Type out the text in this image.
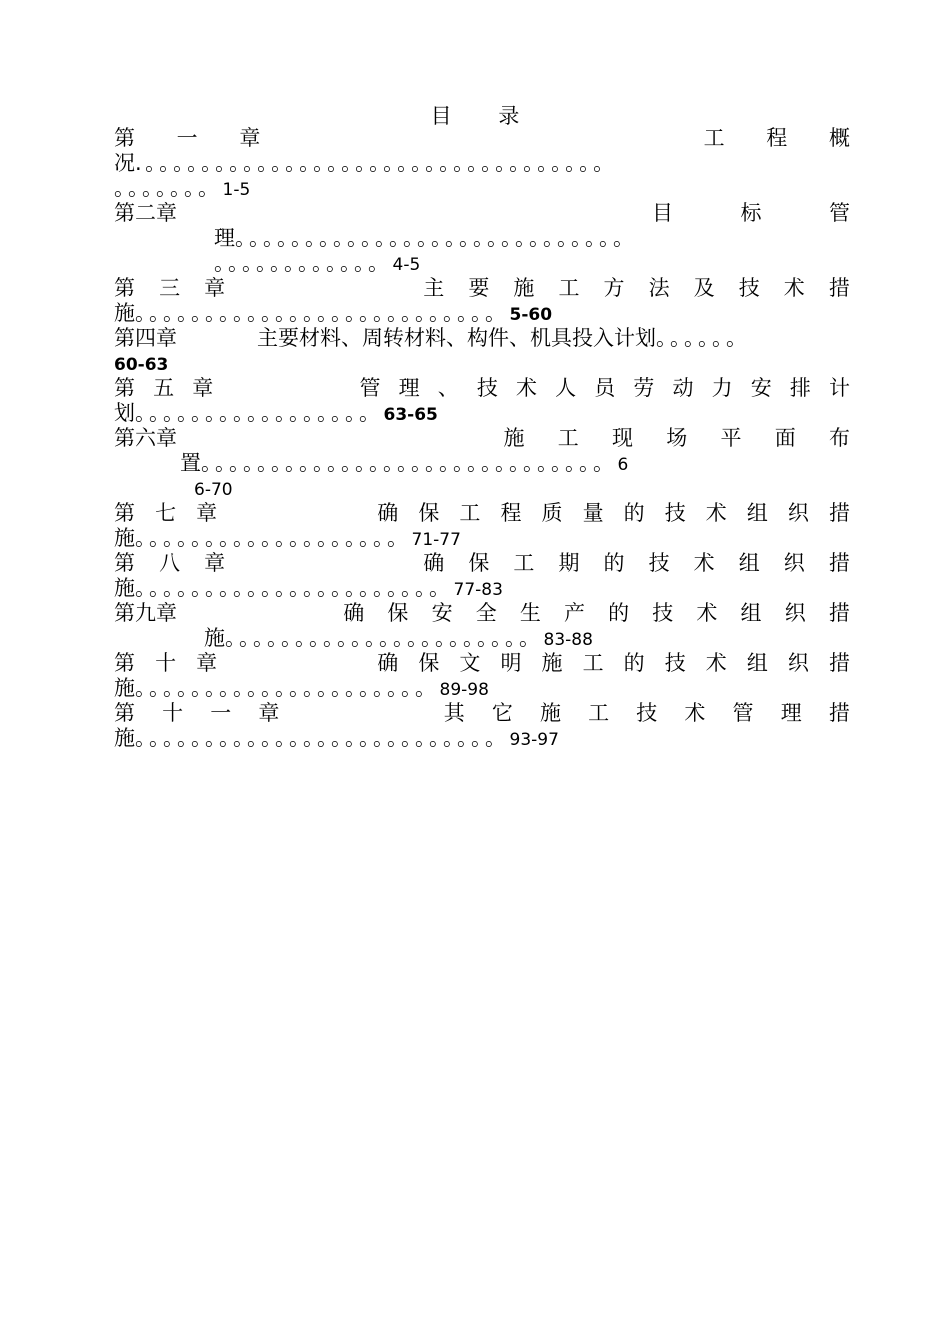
目 录
第 一 章	工 程 概
况.。。。。。。。。。。。。。。。。。。。。。。。。。。。。。。。。。
。。。。。。。1-5
第二章	目	标	管
理。。。。。。。。。。。。。。。。。。。。。。。。。。。。
。。。。。。。。。。。。4-5
第 三 章	主 要 施 工 方 法 及 技 术 措
施。。。。。。。。。。。。。。。。。。。。。。。。。。5-60
第四章	主要材料、周转材料、构件、机具投入计划。。。。。。
60-63
第 五 章	管 理 、 技 术 人 员 劳 动 力 安 排 计
划。。。。。。。。。。。。。。。。。63-65
第六章	施 工 现 场 平 面 布
置。。。。。。。。。。。。。。。。。。。。。。。。。。。。。6
6-70
第 七 章	确 保 工 程 质 量 的 技 术 组 织 措
施。。。。。。。。。。。。。。。。。。。71-77
第 八 章	确 保 工 期 的 技 术 组 织 措
施。。。。。。。。。。。。。。。。。。。。。。77-83
第九章	确 保 安 全 生 产 的 技 术 组 织 措
施。。。。。。。。。。。。。。。。。。。。。。83-88
第 十 章	确 保 文 明 施 工 的 技 术 组 织 措
施。。。。。。。。。。。。。。。。。。。。。89-98
第 十 一 章	其 它 施 工 技 术 管 理 措
施。。。。。。。。。。。。。。。。。。。。。。。。。。93-97
